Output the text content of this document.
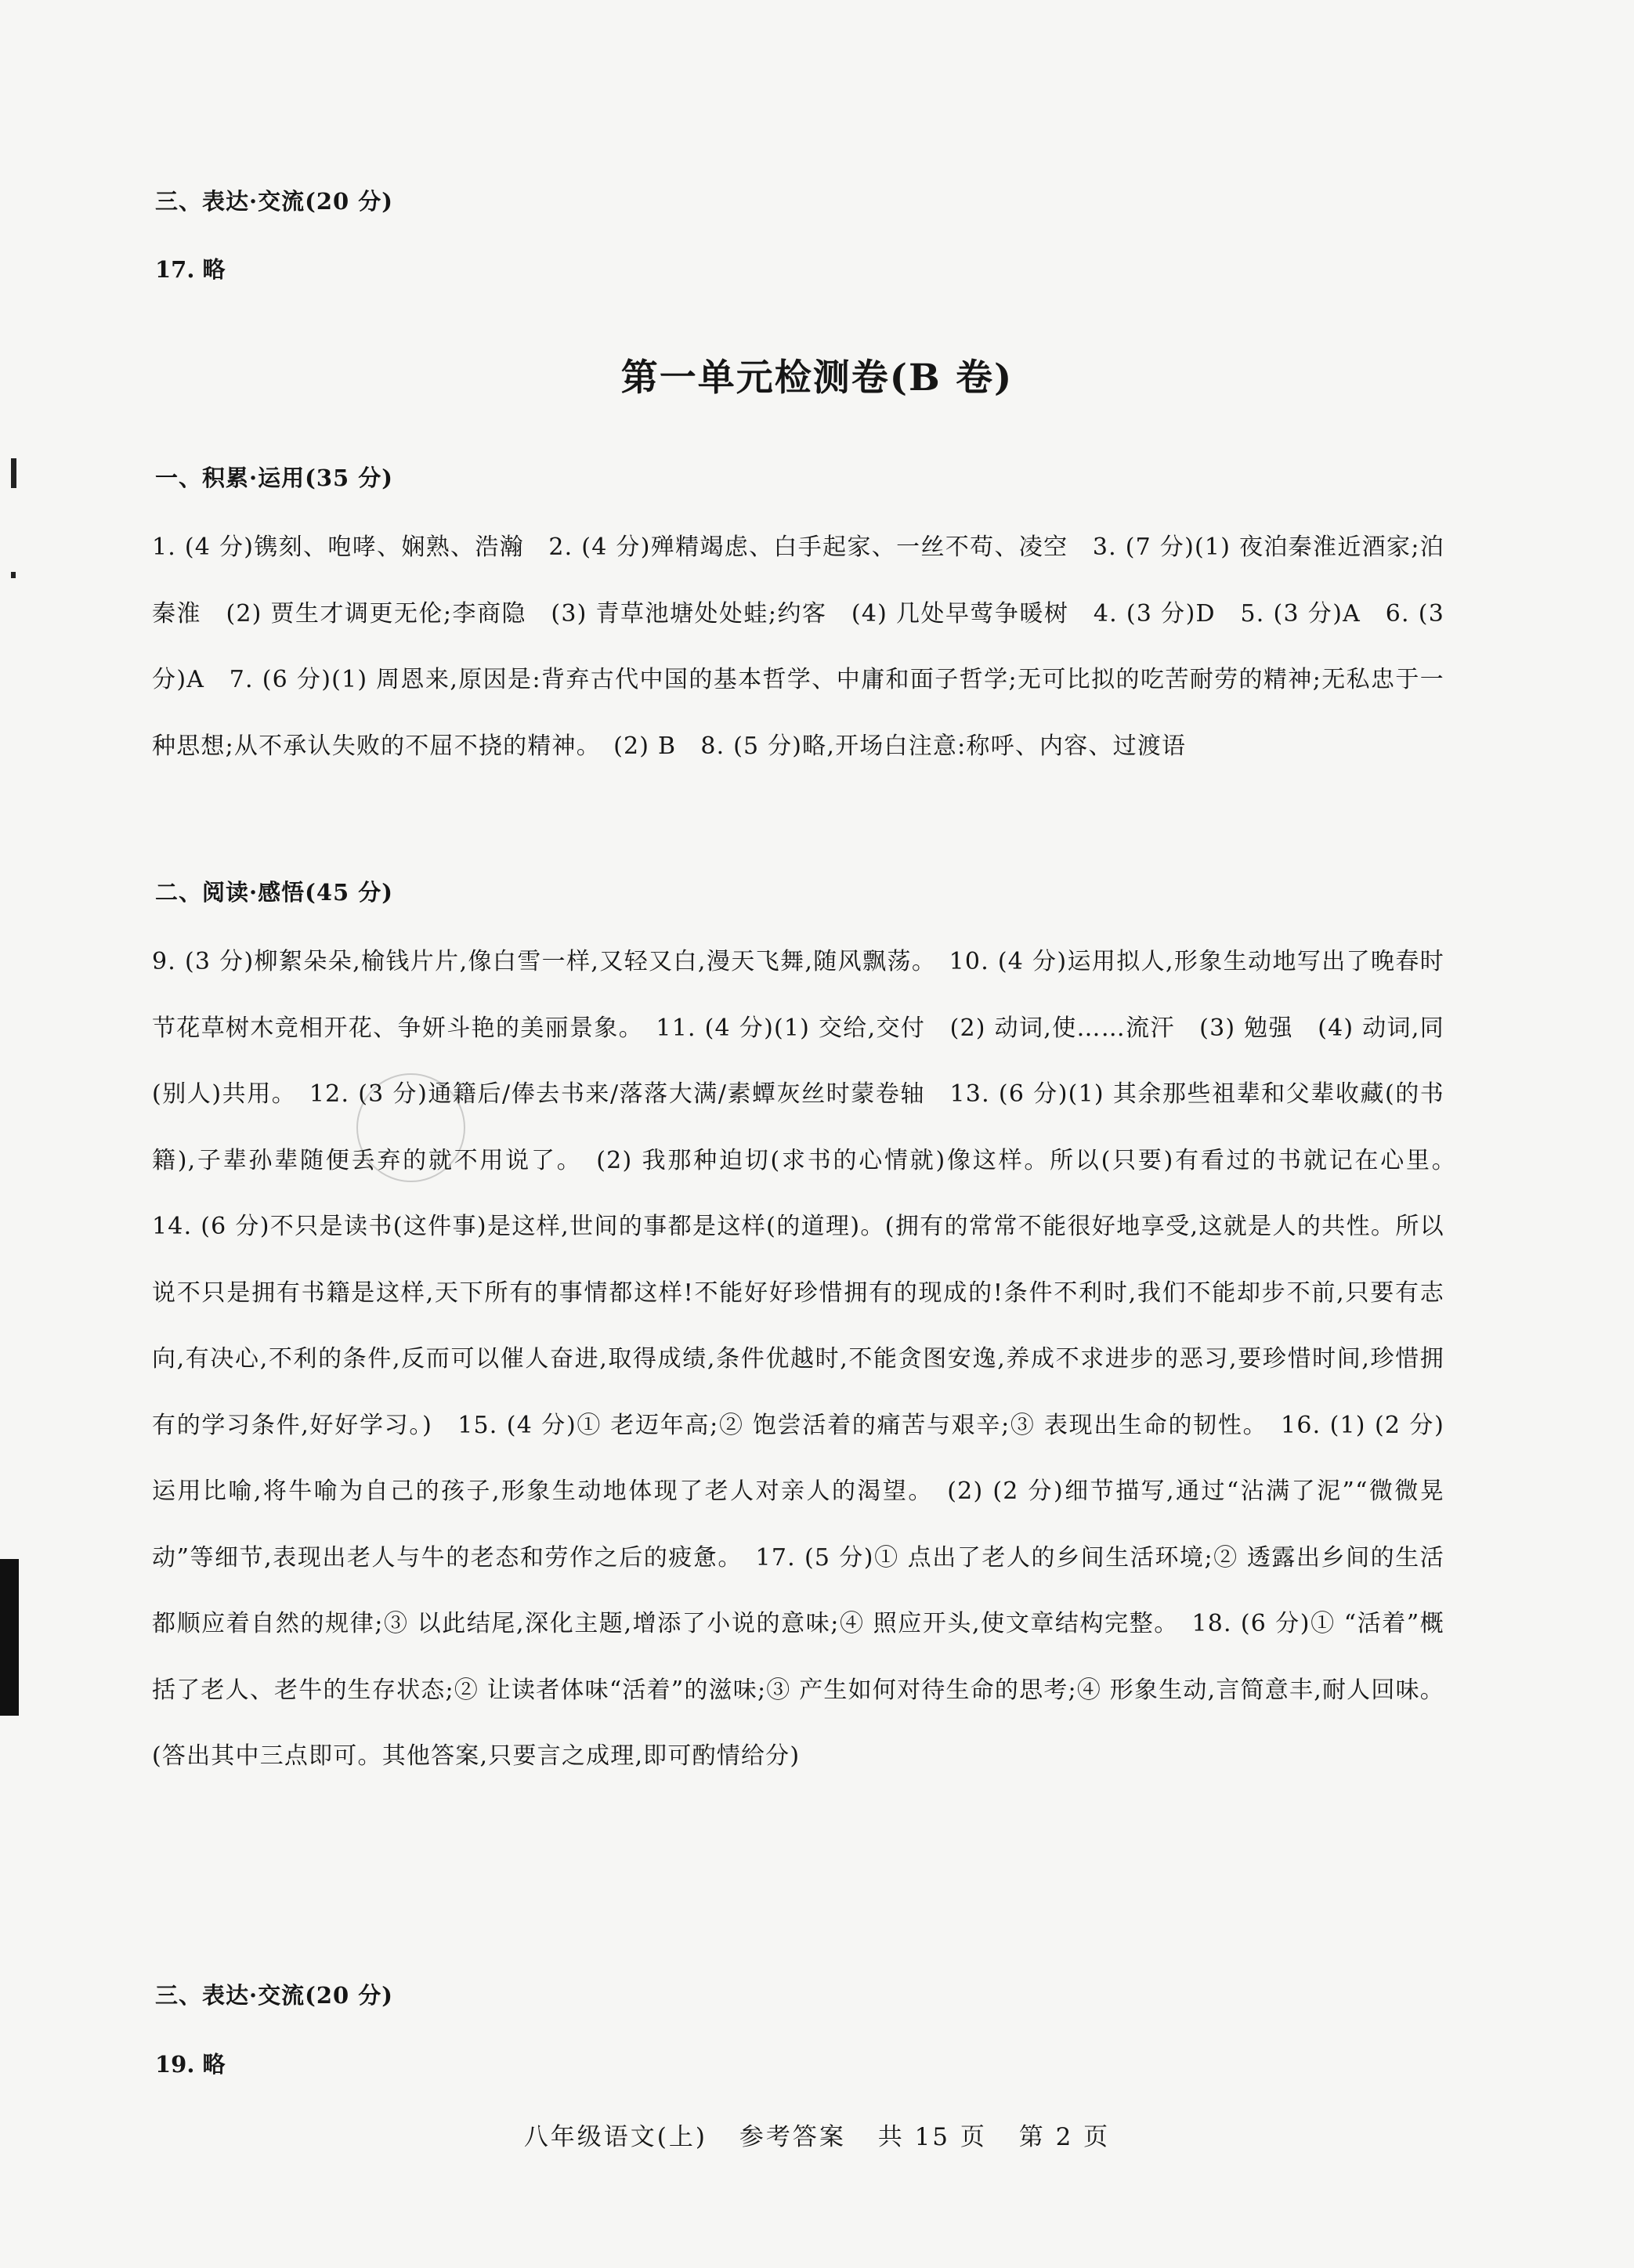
三、表达·交流(20 分)
17. 略
第一单元检测卷(B 卷)
一、积累·运用(35 分)
1. (4 分)镌刻、咆哮、娴熟、浩瀚　2. (4 分)殚精竭虑、白手起家、一丝不苟、凌空　3. (7 分)(1) 夜泊秦淮近酒家;泊秦淮　(2) 贾生才调更无伦;李商隐　(3) 青草池塘处处蛙;约客　(4) 几处早莺争暖树　4. (3 分)D　5. (3 分)A　6. (3 分)A　7. (6 分)(1) 周恩来,原因是:背弃古代中国的基本哲学、中庸和面子哲学;无可比拟的吃苦耐劳的精神;无私忠于一种思想;从不承认失败的不屈不挠的精神。　(2) B　8. (5 分)略,开场白注意:称呼、内容、过渡语
二、阅读·感悟(45 分)
9. (3 分)柳絮朵朵,榆钱片片,像白雪一样,又轻又白,漫天飞舞,随风飘荡。　10. (4 分)运用拟人,形象生动地写出了晚春时节花草树木竞相开花、争妍斗艳的美丽景象。　11. (4 分)(1) 交给,交付　(2) 动词,使……流汗　(3) 勉强　(4) 动词,同(别人)共用。　12. (3 分)通籍后/俸去书来/落落大满/素蟫灰丝时蒙卷轴　13. (6 分)(1) 其余那些祖辈和父辈收藏(的书籍),子辈孙辈随便丢弃的就不用说了。　(2) 我那种迫切(求书的心情就)像这样。所以(只要)有看过的书就记在心里。　14. (6 分)不只是读书(这件事)是这样,世间的事都是这样(的道理)。(拥有的常常不能很好地享受,这就是人的共性。所以说不只是拥有书籍是这样,天下所有的事情都这样!不能好好珍惜拥有的现成的!条件不利时,我们不能却步不前,只要有志向,有决心,不利的条件,反而可以催人奋进,取得成绩,条件优越时,不能贪图安逸,养成不求进步的恶习,要珍惜时间,珍惜拥有的学习条件,好好学习。)　15. (4 分)① 老迈年高;② 饱尝活着的痛苦与艰辛;③ 表现出生命的韧性。　16. (1) (2 分)运用比喻,将牛喻为自己的孩子,形象生动地体现了老人对亲人的渴望。　(2) (2 分)细节描写,通过“沾满了泥”“微微晃动”等细节,表现出老人与牛的老态和劳作之后的疲惫。　17. (5 分)① 点出了老人的乡间生活环境;② 透露出乡间的生活都顺应着自然的规律;③ 以此结尾,深化主题,增添了小说的意味;④ 照应开头,使文章结构完整。　18. (6 分)① “活着”概括了老人、老牛的生存状态;② 让读者体味“活着”的滋味;③ 产生如何对待生命的思考;④ 形象生动,言简意丰,耐人回味。(答出其中三点即可。其他答案,只要言之成理,即可酌情给分)
三、表达·交流(20 分)
19. 略
八年级语文(上) 参考答案 共 15 页 第 2 页
